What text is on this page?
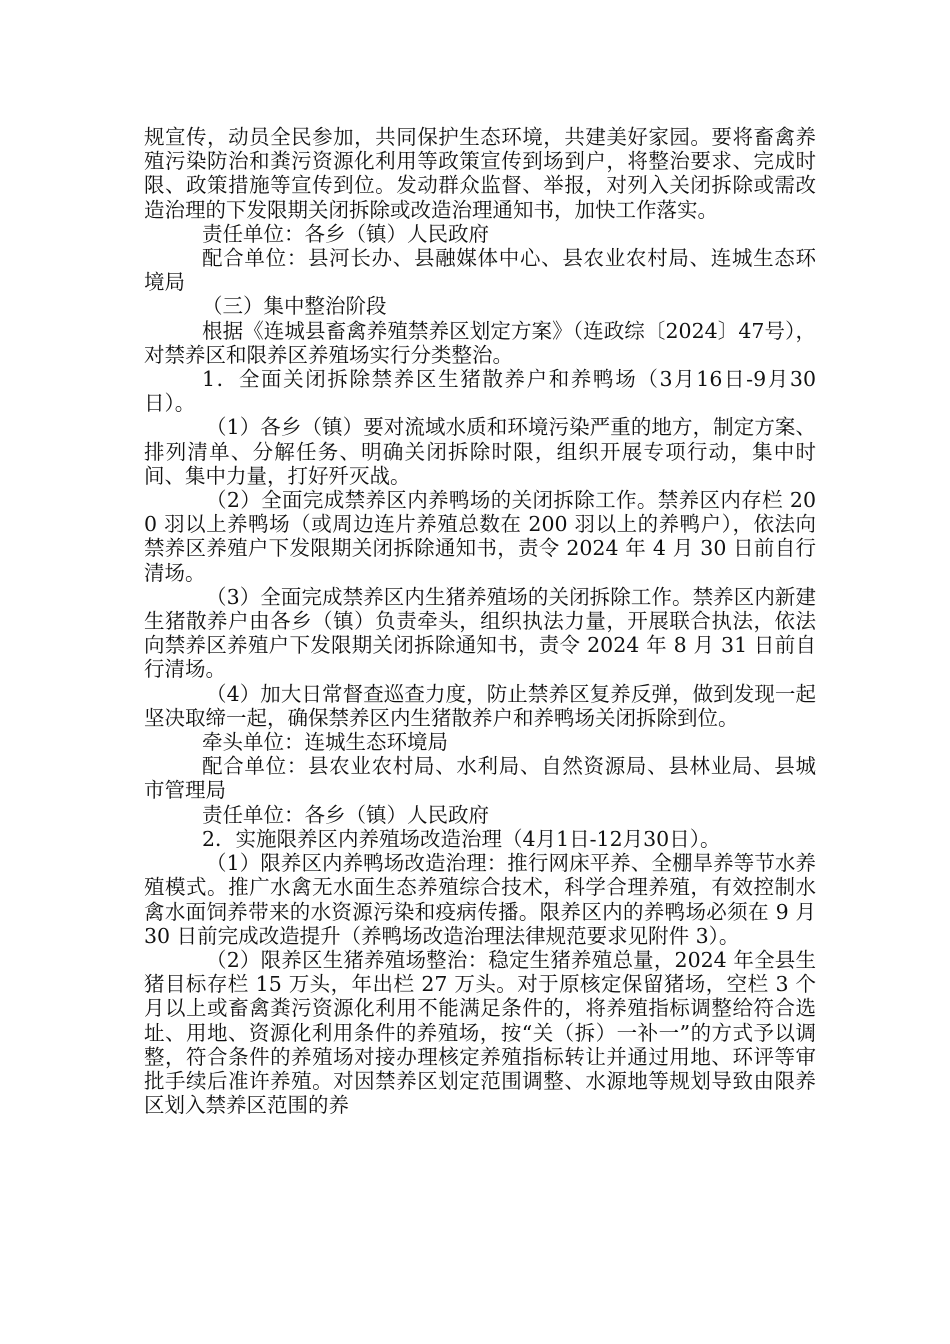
规宣传，动员全民参加，共同保护生态环境，共建美好家园。要将畜禽养殖污染防治和粪污资源化利用等政策宣传到场到户，将整治要求、完成时限、政策措施等宣传到位。发动群众监督、举报，对列入关闭拆除或需改造治理的下发限期关闭拆除或改造治理通知书，加快工作落实。

责任单位：各乡（镇）人民政府

配合单位：县河长办、县融媒体中心、县农业农村局、连城生态环境局

（三）集中整治阶段

根据《连城县畜禽养殖禁养区划定方案》（连政综〔2024〕47号），对禁养区和限养区养殖场实行分类整治。

1．全面关闭拆除禁养区生猪散养户和养鸭场（3月16日-9月30日）。

（1）各乡（镇）要对流域水质和环境污染严重的地方，制定方案、排列清单、分解任务、明确关闭拆除时限，组织开展专项行动，集中时间、集中力量，打好歼灭战。

（2）全面完成禁养区内养鸭场的关闭拆除工作。禁养区内存栏 200 羽以上养鸭场（或周边连片养殖总数在 200 羽以上的养鸭户），依法向禁养区养殖户下发限期关闭拆除通知书，责令 2024 年 4 月 30 日前自行清场。

（3）全面完成禁养区内生猪养殖场的关闭拆除工作。禁养区内新建生猪散养户由各乡（镇）负责牵头，组织执法力量，开展联合执法，依法向禁养区养殖户下发限期关闭拆除通知书，责令 2024 年 8 月 31 日前自行清场。

（4）加大日常督查巡查力度，防止禁养区复养反弹，做到发现一起坚决取缔一起，确保禁养区内生猪散养户和养鸭场关闭拆除到位。

牵头单位：连城生态环境局

配合单位：县农业农村局、水利局、自然资源局、县林业局、县城市管理局

责任单位：各乡（镇）人民政府

2．实施限养区内养殖场改造治理（4月1日-12月30日）。

（1）限养区内养鸭场改造治理：推行网床平养、全棚旱养等节水养殖模式。推广水禽无水面生态养殖综合技术，科学合理养殖，有效控制水禽水面饲养带来的水资源污染和疫病传播。限养区内的养鸭场必须在 9 月 30 日前完成改造提升（养鸭场改造治理法律规范要求见附件 3）。

（2）限养区生猪养殖场整治：稳定生猪养殖总量，2024 年全县生猪目标存栏 15 万头，年出栏 27 万头。对于原核定保留猪场，空栏 3 个月以上或畜禽粪污资源化利用不能满足条件的，将养殖指标调整给符合选址、用地、资源化利用条件的养殖场，按“关（拆）一补一”的方式予以调整，符合条件的养殖场对接办理核定养殖指标转让并通过用地、环评等审批手续后准许养殖。对因禁养区划定范围调整、水源地等规划导致由限养区划入禁养区范围的养
